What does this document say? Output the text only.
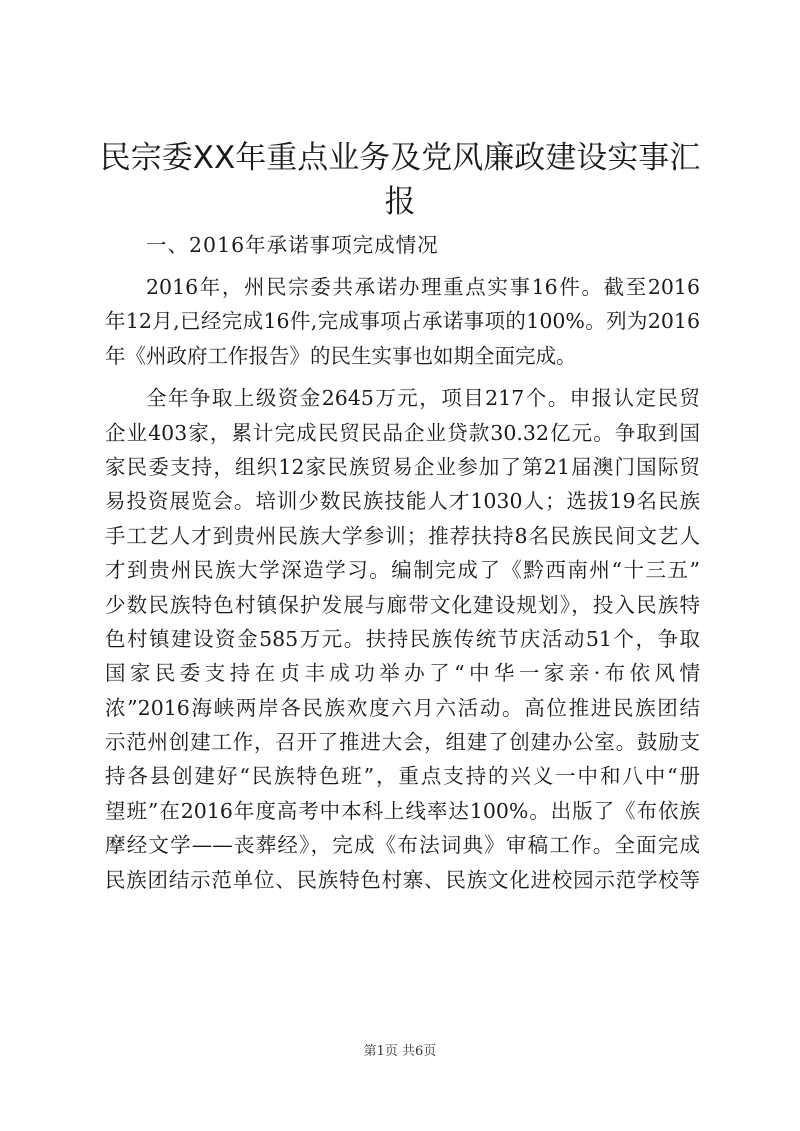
民宗委XX年重点业务及党风廉政建设实事汇
报
一、2016年承诺事项完成情况
2016年，州民宗委共承诺办理重点实事16件。截至2016
年12月,已经完成16件,完成事项占承诺事项的100%。列为2016
年《州政府工作报告》的民生实事也如期全面完成。
全年争取上级资金2645万元，项目217个。申报认定民贸
企业403家，累计完成民贸民品企业贷款30.32亿元。争取到国
家民委支持，组织12家民族贸易企业参加了第21届澳门国际贸
易投资展览会。培训少数民族技能人才1030人；选拔19名民族
手工艺人才到贵州民族大学参训；推荐扶持8名民族民间文艺人
才到贵州民族大学深造学习。编制完成了《黔西南州“十三五”
少数民族特色村镇保护发展与廊带文化建设规划》，投入民族特
色村镇建设资金585万元。扶持民族传统节庆活动51个，争取
国家民委支持在贞丰成功举办了“中华一家亲·布依风情
浓”2016海峡两岸各民族欢度六月六活动。高位推进民族团结
示范州创建工作，召开了推进大会，组建了创建办公室。鼓励支
持各县创建好“民族特色班”，重点支持的兴义一中和八中“册
望班”在2016年度高考中本科上线率达100%。出版了《布依族
摩经文学——丧葬经》，完成《布法词典》审稿工作。全面完成
民族团结示范单位、民族特色村寨、民族文化进校园示范学校等
第1页 共6页
